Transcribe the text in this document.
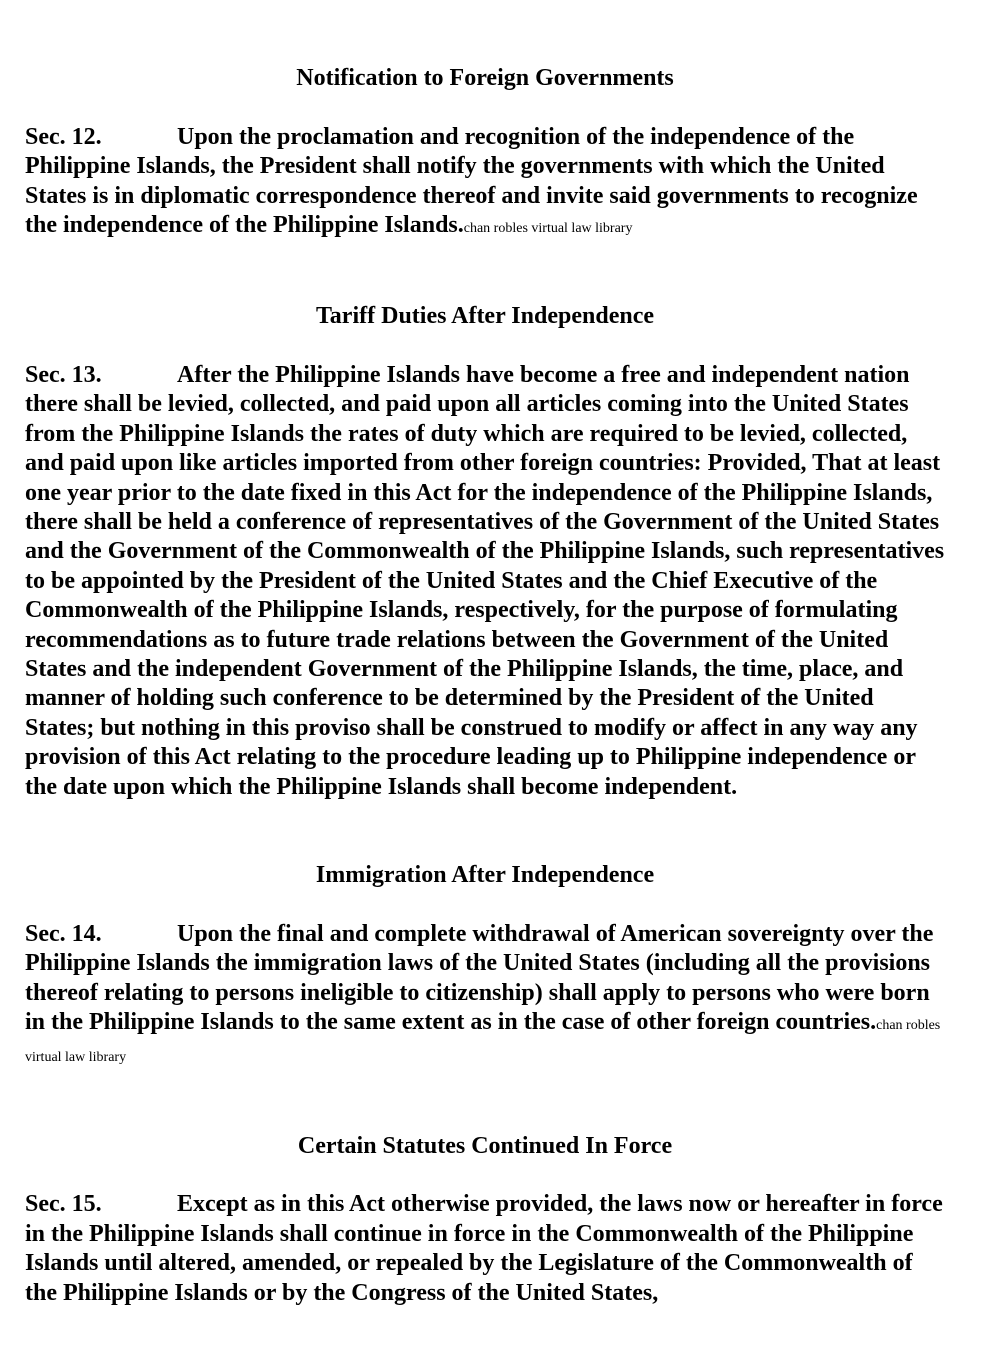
Notification to Foreign Governments

Sec. 12.	Upon the proclamation and recognition of the independence of the Philippine Islands, the President shall notify the governments with which the United States is in diplomatic correspondence thereof and invite said governments to recognize the independence of the Philippine Islands.chan robles virtual law library

Tariff Duties After Independence

Sec. 13.	After the Philippine Islands have become a free and independent nation there shall be levied, collected, and paid upon all articles coming into the United States from the Philippine Islands the rates of duty which are required to be levied, collected, and paid upon like articles imported from other foreign countries: Provided, That at least one year prior to the date fixed in this Act for the independence of the Philippine Islands, there shall be held a conference of representatives of the Government of the United States and the Government of the Commonwealth of the Philippine Islands, such representatives to be appointed by the President of the United States and the Chief Executive of the Commonwealth of the Philippine Islands, respectively, for the purpose of formulating recommendations as to future trade relations between the Government of the United States and the independent Government of the Philippine Islands, the time, place, and manner of holding such conference to be determined by the President of the United States; but nothing in this proviso shall be construed to modify or affect in any way any provision of this Act relating to the procedure leading up to Philippine independence or the date upon which the Philippine Islands shall become independent.

Immigration After Independence

Sec. 14.	Upon the final and complete withdrawal of American sovereignty over the Philippine Islands the immigration laws of the United States (including all the provisions thereof relating to persons ineligible to citizenship) shall apply to persons who were born in the Philippine Islands to the same extent as in the case of other foreign countries.chan robles virtual law library

Certain Statutes Continued In Force

Sec. 15.	Except as in this Act otherwise provided, the laws now or hereafter in force in the Philippine Islands shall continue in force in the Commonwealth of the Philippine Islands until altered, amended, or repealed by the Legislature of the Commonwealth of the Philippine Islands or by the Congress of the United States,
